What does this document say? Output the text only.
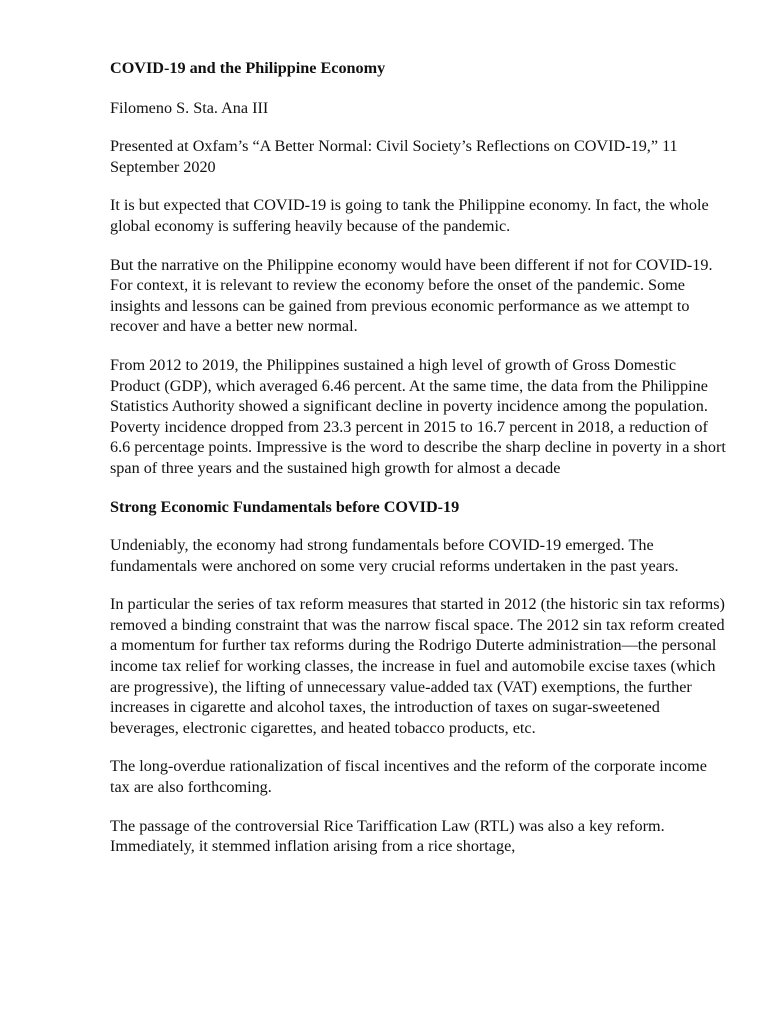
COVID-19 and the Philippine Economy
Filomeno S. Sta. Ana III
Presented at Oxfam’s “A Better Normal: Civil Society’s Reflections on COVID-19,” 11 September 2020
It is but expected that COVID-19 is going to tank the Philippine economy. In fact, the whole global economy is suffering heavily because of the pandemic.
But the narrative on the Philippine economy would have been different if not for COVID-19. For context, it is relevant to review the economy before the onset of the pandemic. Some insights and lessons can be gained from previous economic performance as we attempt to recover and have a better new normal.
From 2012 to 2019, the Philippines sustained a high level of growth of Gross Domestic Product (GDP), which averaged 6.46 percent. At the same time, the data from the Philippine Statistics Authority showed a significant decline in poverty incidence among the population. Poverty incidence dropped from 23.3 percent in 2015 to 16.7 percent in 2018, a reduction of 6.6 percentage points. Impressive is the word to describe the sharp decline in poverty in a short span of three years and the sustained high growth for almost a decade
Strong Economic Fundamentals before COVID-19
Undeniably, the economy had strong fundamentals before COVID-19 emerged. The fundamentals were anchored on some very crucial reforms undertaken in the past years.
In particular the series of tax reform measures that started in 2012 (the historic sin tax reforms) removed a binding constraint that was the narrow fiscal space. The 2012 sin tax reform created a momentum for further tax reforms during the Rodrigo Duterte administration—the personal income tax relief for working classes, the increase in fuel and automobile excise taxes (which are progressive), the lifting of unnecessary value-added tax (VAT) exemptions, the further increases in cigarette and alcohol taxes, the introduction of taxes on sugar-sweetened beverages, electronic cigarettes, and heated tobacco products, etc.
The long-overdue rationalization of fiscal incentives and the reform of the corporate income tax are also forthcoming.
The passage of the controversial Rice Tariffication Law (RTL) was also a key reform. Immediately, it stemmed inflation arising from a rice shortage,
